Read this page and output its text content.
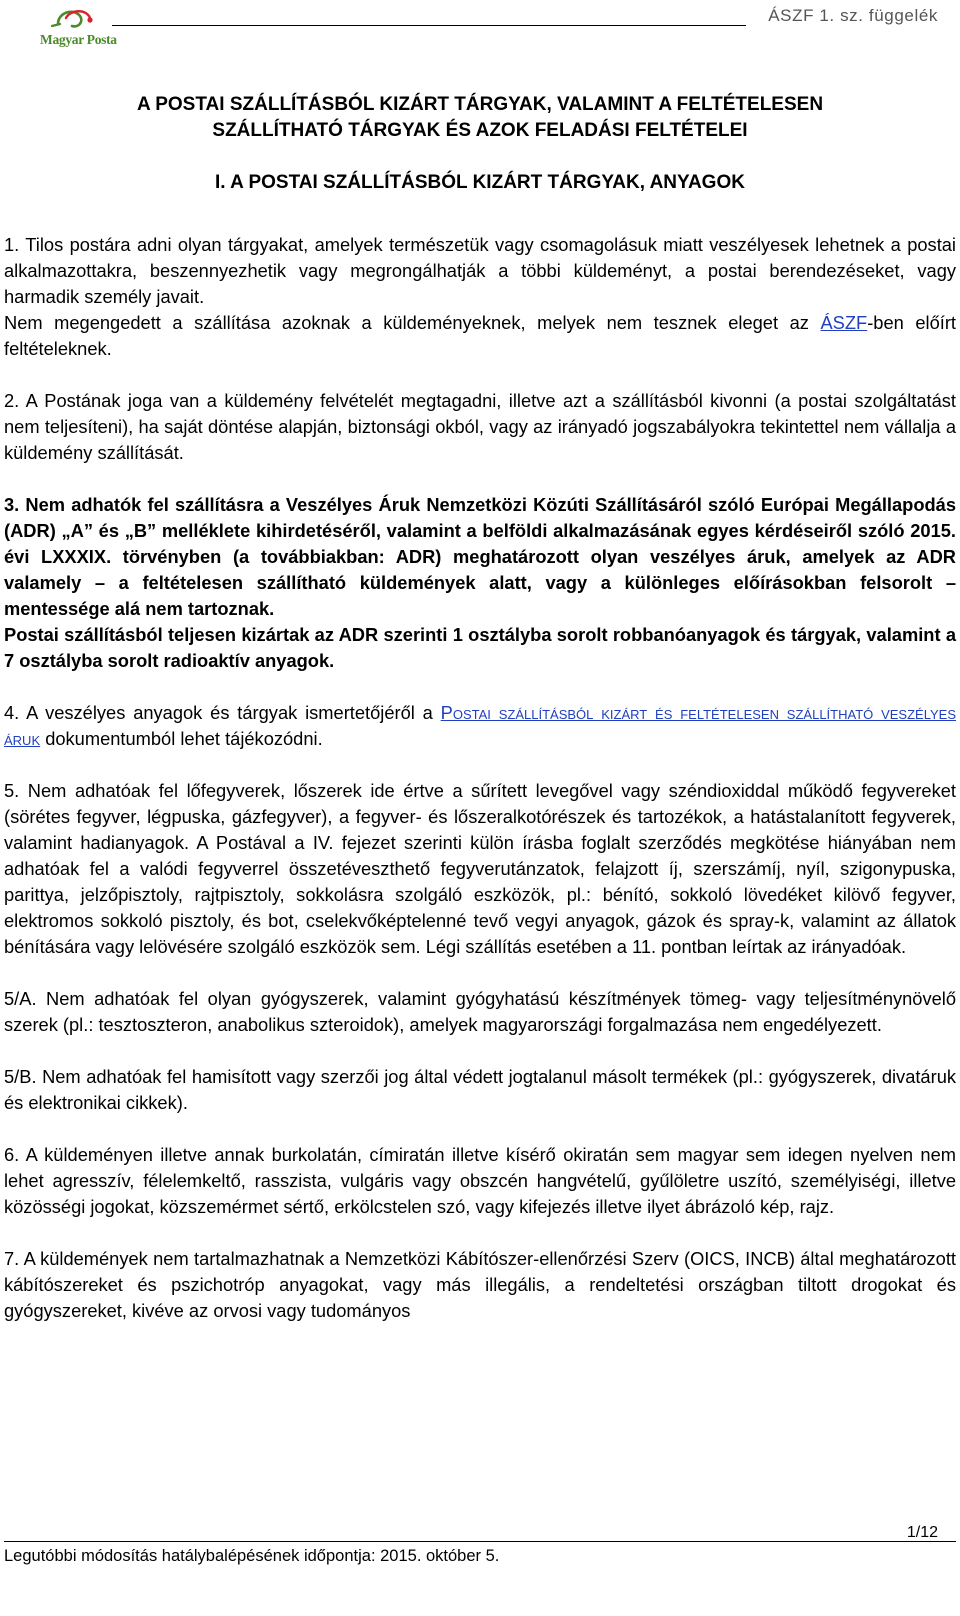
Magyar Posta
ÁSZF 1. sz. függelék
A POSTAI SZÁLLÍTÁSBÓL KIZÁRT TÁRGYAK, VALAMINT A FELTÉTELESEN
SZÁLLÍTHATÓ TÁRGYAK ÉS AZOK FELADÁSI FELTÉTELEI
I. A POSTAI SZÁLLÍTÁSBÓL KIZÁRT TÁRGYAK, ANYAGOK

1. Tilos postára adni olyan tárgyakat, amelyek természetük vagy csomagolásuk miatt veszélyesek lehetnek a postai alkalmazottakra, beszennyezhetik vagy megrongálhatják a többi küldeményt, a postai berendezéseket, vagy harmadik személy javait.

Nem megengedett a szállítása azoknak a küldeményeknek, melyek nem tesznek eleget az ÁSZF-ben előírt feltételeknek.

2. A Postának joga van a küldemény felvételét megtagadni, illetve azt a szállításból kivonni (a postai szolgáltatást nem teljesíteni), ha saját döntése alapján, biztonsági okból, vagy az irányadó jogszabályokra tekintettel nem vállalja a küldemény szállítását.

3. Nem adhatók fel szállításra a Veszélyes Áruk Nemzetközi Közúti Szállításáról szóló Európai Megállapodás (ADR) „A” és „B” melléklete kihirdetéséről, valamint a belföldi alkalmazásának egyes kérdéseiről szóló 2015. évi LXXXIX. törvényben (a továbbiakban: ADR) meghatározott olyan veszélyes áruk, amelyek az ADR valamely – a feltételesen szállítható küldemények alatt, vagy a különleges előírásokban felsorolt – mentessége alá nem tartoznak.

Postai szállításból teljesen kizártak az ADR szerinti 1 osztályba sorolt robbanóanyagok és tárgyak, valamint a 7 osztályba sorolt radioaktív anyagok.

4. A veszélyes anyagok és tárgyak ismertetőjéről a Postai szállításból kizárt és feltételesen szállítható veszélyes áruk dokumentumból lehet tájékozódni.

5. Nem adhatóak fel lőfegyverek, lőszerek ide értve a sűrített levegővel vagy széndioxiddal működő fegyvereket (sörétes fegyver, légpuska, gázfegyver), a fegyver- és lőszeralkotórészek és tartozékok, a hatástalanított fegyverek, valamint hadianyagok. A Postával a IV. fejezet szerinti külön írásba foglalt szerződés megkötése hiányában nem adhatóak fel a valódi fegyverrel összetéveszthető fegyverutánzatok, felajzott íj, szerszámíj, nyíl, szigonypuska, parittya, jelzőpisztoly, rajtpisztoly, sokkolásra szolgáló eszközök, pl.: bénító, sokkoló lövedéket kilövő fegyver, elektromos sokkoló pisztoly, és bot, cselekvőképtelenné tevő vegyi anyagok, gázok és spray-k, valamint az állatok bénítására vagy lelövésére szolgáló eszközök sem. Légi szállítás esetében a 11. pontban leírtak az irányadóak.

5/A. Nem adhatóak fel olyan gyógyszerek, valamint gyógyhatású készítmények tömeg- vagy teljesítménynövelő szerek (pl.: tesztoszteron, anabolikus szteroidok), amelyek magyarországi forgalmazása nem engedélyezett.

5/B. Nem adhatóak fel hamisított vagy szerzői jog által védett jogtalanul másolt termékek (pl.: gyógyszerek, divatáruk és elektronikai cikkek).

6. A küldeményen illetve annak burkolatán, címiratán illetve kísérő okiratán sem magyar sem idegen nyelven nem lehet agresszív, félelemkeltő, rasszista, vulgáris vagy obszcén hangvételű, gyűlöletre uszító, személyiségi, illetve közösségi jogokat, közszemérmet sértő, erkölcstelen szó, vagy kifejezés illetve ilyet ábrázoló kép, rajz.

7. A küldemények nem tartalmazhatnak a Nemzetközi Kábítószer-ellenőrzési Szerv (OICS, INCB) által meghatározott kábítószereket és pszichotróp anyagokat, vagy más illegális, a rendeltetési országban tiltott drogokat és gyógyszereket, kivéve az orvosi vagy tudományos

1/12
Legutóbbi módosítás hatálybalépésének időpontja: 2015. október 5.
